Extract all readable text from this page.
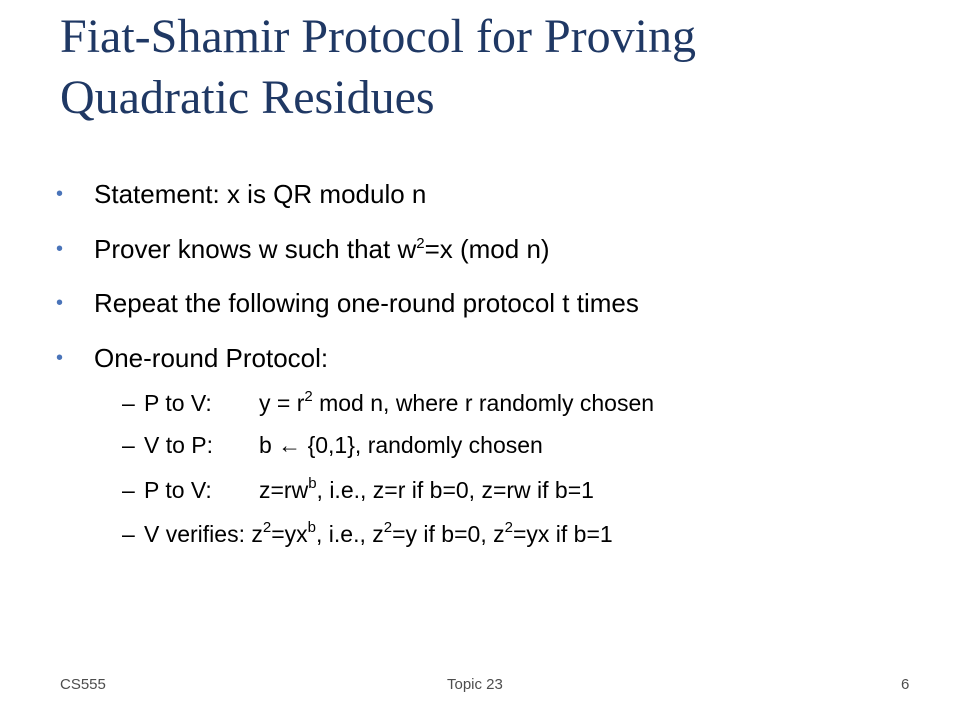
Fiat-Shamir Protocol for Proving
Quadratic Residues
• Statement: x is QR modulo n
• Prover knows w such that $w^2=x$ (mod n)
• Repeat the following one-round protocol t times
• One-round Protocol:
– P to V: $y = r^2$ mod n, where r randomly chosen
– V to P: b ← {0,1}, randomly chosen
– P to V: $z=rw^b$, i.e., z=r if b=0, z=rw if b=1
– V verifies: $z^2=yx^b$, i.e., $z^2=y$ if b=0, $z^2=yx$ if b=1
CS555	Topic 23	6
